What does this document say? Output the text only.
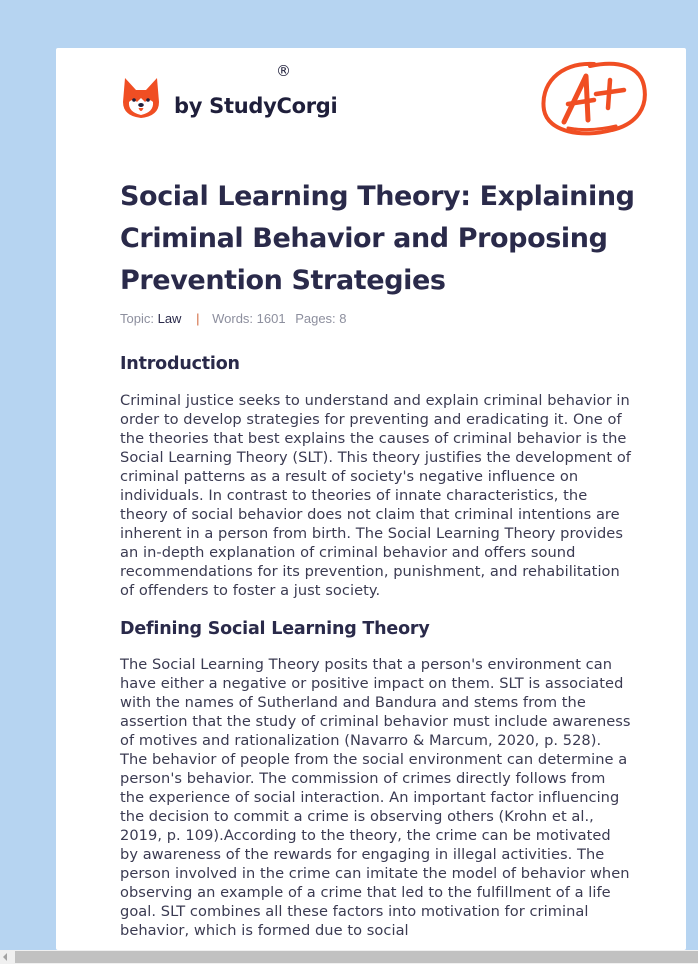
by StudyCorgi
®
Social Learning Theory: Explaining Criminal Behavior and Proposing Prevention Strategies
Topic: Law | Words: 1601 Pages: 8
Introduction

Criminal justice seeks to understand and explain criminal behavior in order to develop strategies for preventing and eradicating it. One of the theories that best explains the causes of criminal behavior is the Social Learning Theory (SLT). This theory justifies the development of criminal patterns as a result of society's negative influence on individuals. In contrast to theories of innate characteristics, the theory of social behavior does not claim that criminal intentions are inherent in a person from birth. The Social Learning Theory provides an in-depth explanation of criminal behavior and offers sound recommendations for its prevention, punishment, and rehabilitation of offenders to foster a just society.

Defining Social Learning Theory

The Social Learning Theory posits that a person's environment can have either a negative or positive impact on them. SLT is associated with the names of Sutherland and Bandura and stems from the assertion that the study of criminal behavior must include awareness of motives and rationalization (Navarro & Marcum, 2020, p. 528). The behavior of people from the social environment can determine a person's behavior. The commission of crimes directly follows from the experience of social interaction. An important factor influencing the decision to commit a crime is observing others (Krohn et al., 2019, p. 109).According to the theory, the crime can be motivated by awareness of the rewards for engaging in illegal activities. The person involved in the crime can imitate the model of behavior when observing an example of a crime that led to the fulfillment of a life goal. SLT combines all these factors into motivation for criminal behavior, which is formed due to social
